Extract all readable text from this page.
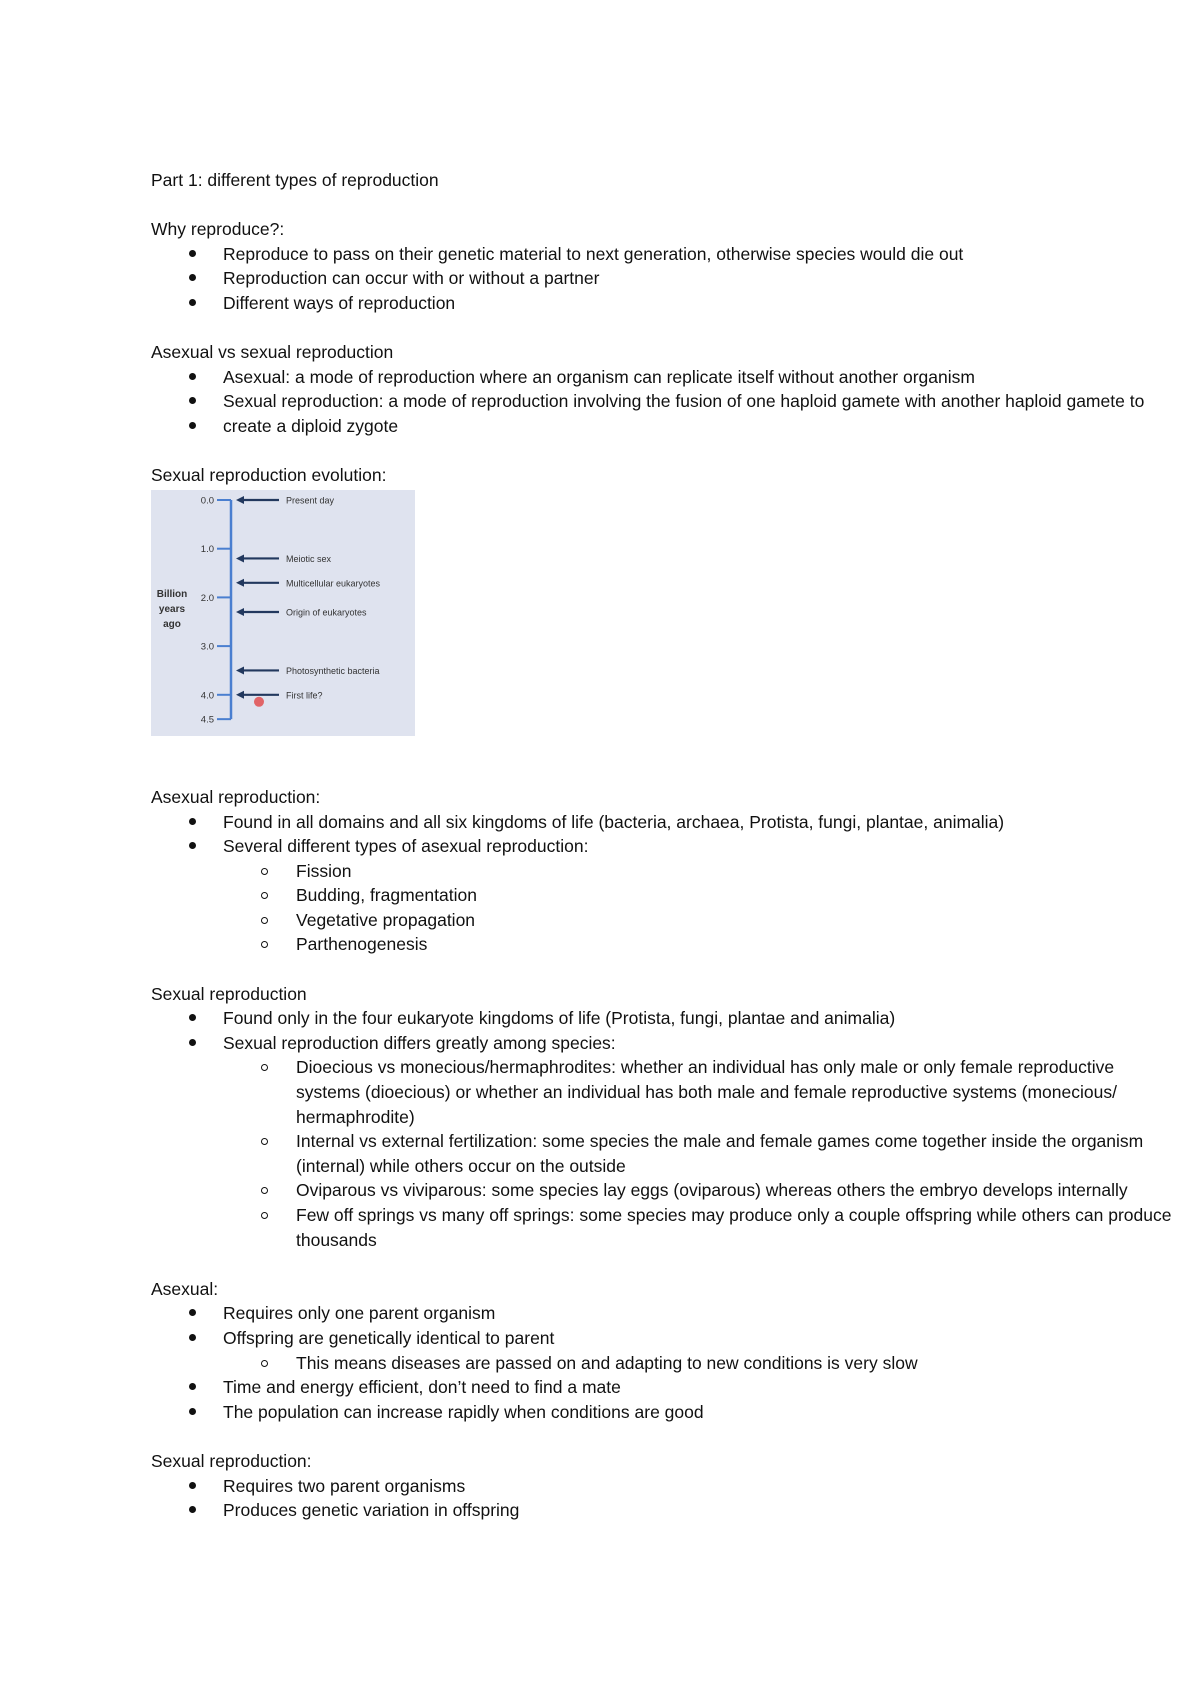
Part 1: different types of reproduction

Why reproduce?:

Reproduce to pass on their genetic material to next generation, otherwise species would die out
Reproduction can occur with or without a partner
Different ways of reproduction

Asexual vs sexual reproduction

Asexual: a mode of reproduction where an organism can replicate itself without another organism
Sexual reproduction: a mode of reproduction involving the fusion of one haploid gamete with another haploid gamete to
create a diploid zygote

Sexual reproduction evolution:

Billion
years
ago
0.0
1.0
2.0
3.0
4.0
4.5
Present day
Meiotic sex
Multicellular eukaryotes
Origin of eukaryotes
Photosynthetic bacteria
First life?

Asexual reproduction:

Found in all domains and all six kingdoms of life (bacteria, archaea, Protista, fungi, plantae, animalia)
Several different types of asexual reproduction:
Fission
Budding, fragmentation
Vegetative propagation
Parthenogenesis

Sexual reproduction

Found only in the four eukaryote kingdoms of life (Protista, fungi, plantae and animalia)
Sexual reproduction differs greatly among species:
Dioecious vs monecious/hermaphrodites: whether an individual has only male or only female reproductive
systems (dioecious) or whether an individual has both male and female reproductive systems (monecious/
hermaphrodite)
Internal vs external fertilization: some species the male and female games come together inside the organism
(internal) while others occur on the outside
Oviparous vs viviparous: some species lay eggs (oviparous) whereas others the embryo develops internally
Few off springs vs many off springs: some species may produce only a couple offspring while others can produce
thousands

Asexual:

Requires only one parent organism
Offspring are genetically identical to parent
This means diseases are passed on and adapting to new conditions is very slow
Time and energy efficient, don’t need to find a mate
The population can increase rapidly when conditions are good

Sexual reproduction:

Requires two parent organisms
Produces genetic variation in offspring
